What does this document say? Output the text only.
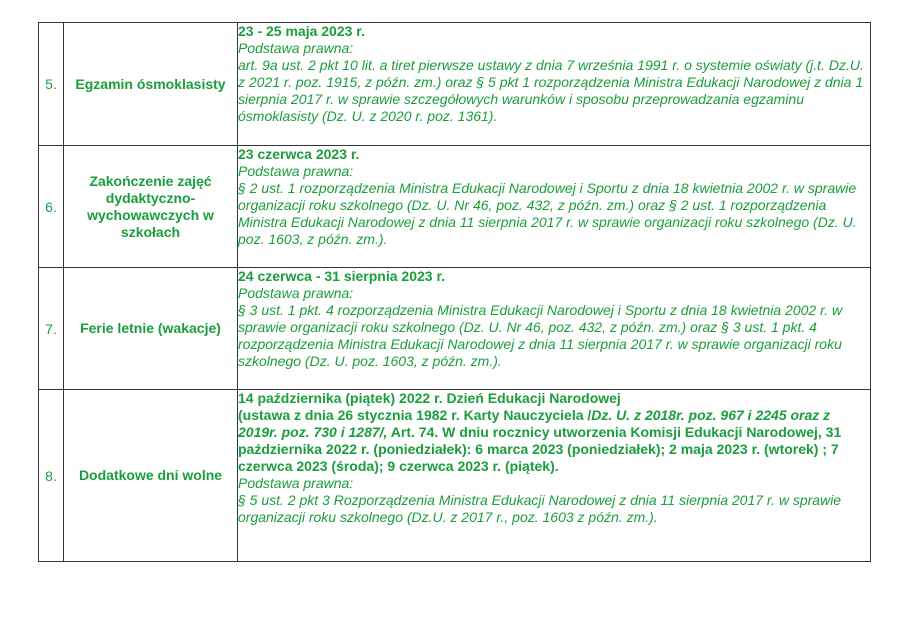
5.	Egzamin ósmoklasisty	23 - 25 maja 2023 r.
Podstawa prawna:
art. 9a ust. 2 pkt 10 lit. a tiret pierwsze ustawy z dnia 7 września 1991 r. o systemie oświaty (j.t. Dz.U. z 2021 r. poz. 1915, z późn. zm.) oraz § 5 pkt 1 rozporządzenia Ministra Edukacji Narodowej z dnia 1 sierpnia 2017 r. w sprawie szczegółowych warunków i sposobu przeprowadzania egzaminu ósmoklasisty (Dz. U. z 2020 r. poz. 1361).

6.	Zakończenie zajęć dydaktyczno-wychowawczych w szkołach	23 czerwca 2023 r.
Podstawa prawna:
§ 2 ust. 1 rozporządzenia Ministra Edukacji Narodowej i Sportu z dnia 18 kwietnia 2002 r. w sprawie organizacji roku szkolnego (Dz. U. Nr 46, poz. 432, z późn. zm.) oraz § 2 ust. 1 rozporządzenia Ministra Edukacji Narodowej z dnia 11 sierpnia 2017 r. w sprawie organizacji roku szkolnego (Dz. U. poz. 1603, z późn. zm.).

7.	Ferie letnie (wakacje)	24 czerwca - 31 sierpnia 2023 r.
Podstawa prawna:
§ 3 ust. 1 pkt. 4 rozporządzenia Ministra Edukacji Narodowej i Sportu z dnia 18 kwietnia 2002 r. w sprawie organizacji roku szkolnego (Dz. U. Nr 46, poz. 432, z późn. zm.) oraz § 3 ust. 1 pkt. 4 rozporządzenia Ministra Edukacji Narodowej z dnia 11 sierpnia 2017 r. w sprawie organizacji roku szkolnego (Dz. U. poz. 1603, z późn. zm.).

8.	Dodatkowe dni wolne	14 października (piątek) 2022 r. Dzień Edukacji Narodowej
(ustawa z dnia 26 stycznia 1982 r. Karty Nauczyciela /Dz. U. z 2018r. poz. 967 i 2245 oraz z 2019r. poz. 730 i 1287/, Art. 74. W dniu rocznicy utworzenia Komisji Edukacji Narodowej, 31 października 2022 r. (poniedziałek): 6 marca 2023 (poniedziałek); 2 maja 2023 r. (wtorek) ; 7 czerwca 2023 (środa); 9 czerwca 2023 r. (piątek).
Podstawa prawna:
§ 5 ust. 2 pkt 3 Rozporządzenia Ministra Edukacji Narodowej z dnia 11 sierpnia 2017 r. w sprawie organizacji roku szkolnego (Dz.U. z 2017 r., poz. 1603 z późn. zm.).
